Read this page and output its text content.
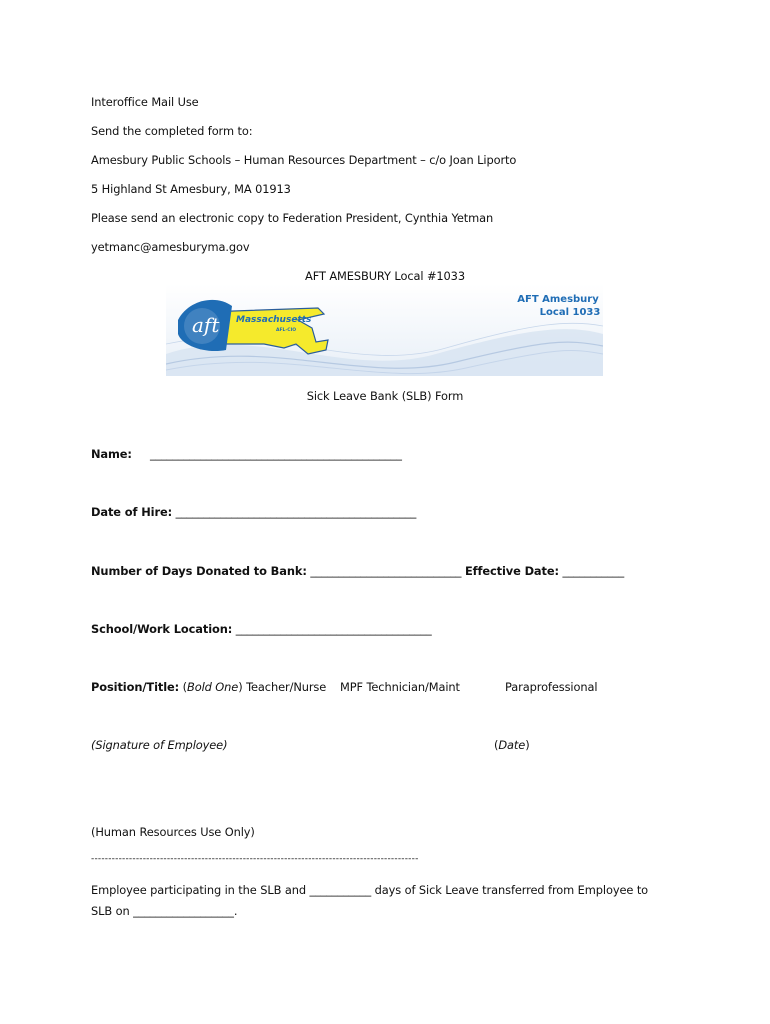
Interoffice Mail Use
Send the completed form to:
Amesbury Public Schools – Human Resources Department – c/o Joan Liporto
5 Highland St Amesbury, MA 01913
Please send an electronic copy to Federation President, Cynthia Yetman
yetmanc@amesburyma.gov
AFT AMESBURY Local #1033
aft Massachusetts
AFL-CIO
AFT Amesbury
Local 1033
Sick Leave Bank (SLB) Form
Name: _____________________________________________
Date of Hire: ___________________________________________
Number of Days Donated to Bank: ___________________________ Effective Date: ___________
School/Work Location: ___________________________________
Position/Title: (Bold One) Teacher/Nurse MPF Technician/Maint	Paraprofessional
(Signature of Employee)	(Date)
(Human Resources Use Only)
-----------------------------------------------------------------------------------------------
Employee participating in the SLB and ___________ days of Sick Leave transferred from Employee to
SLB on __________________.
